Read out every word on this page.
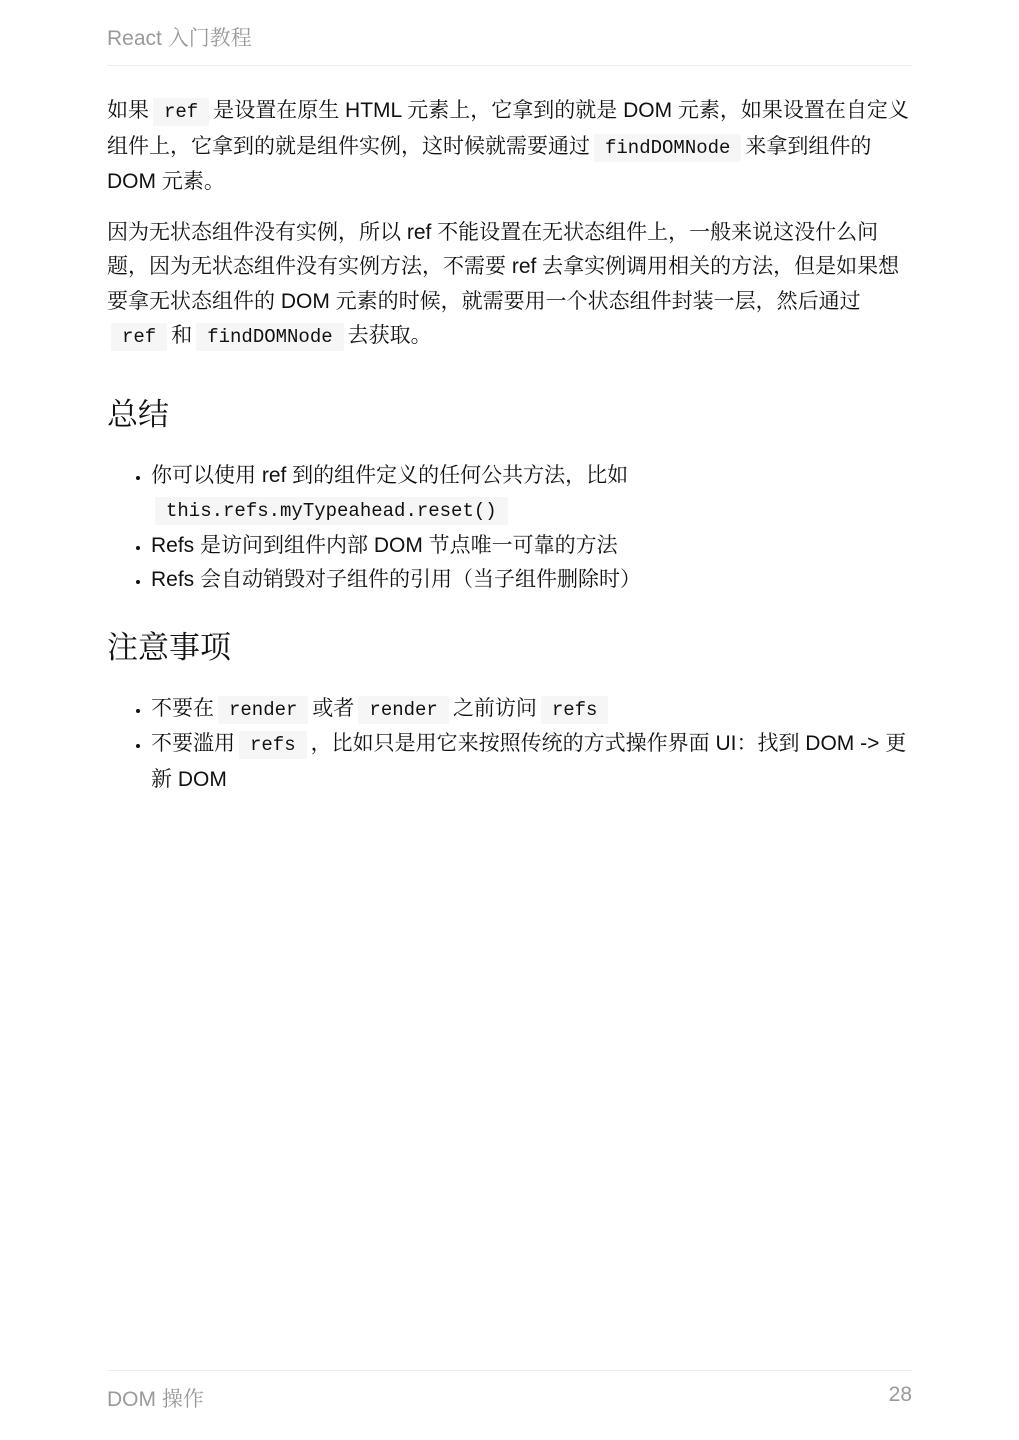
React 入门教程

如果 ref 是设置在原生 HTML 元素上，它拿到的就是 DOM 元素，如果设置在自定义组件上，它拿到的就是组件实例，这时候就需要通过 findDOMNode 来拿到组件的 DOM 元素。

因为无状态组件没有实例，所以 ref 不能设置在无状态组件上，一般来说这没什么问题，因为无状态组件没有实例方法，不需要 ref 去拿实例调用相关的方法，但是如果想要拿无状态组件的 DOM 元素的时候，就需要用一个状态组件封装一层，然后通过ref 和 findDOMNode 去获取。

总结
• 你可以使用 ref 到的组件定义的任何公共方法，比如
this.refs.myTypeahead.reset()
• Refs 是访问到组件内部 DOM 节点唯一可靠的方法
• Refs 会自动销毁对子组件的引用（当子组件删除时）
注意事项
• 不要在 render 或者 render 之前访问 refs
• 不要滥用 refs ，比如只是用它来按照传统的方式操作界面 UI：找到 DOM -> 更新 DOM
DOM 操作	28
